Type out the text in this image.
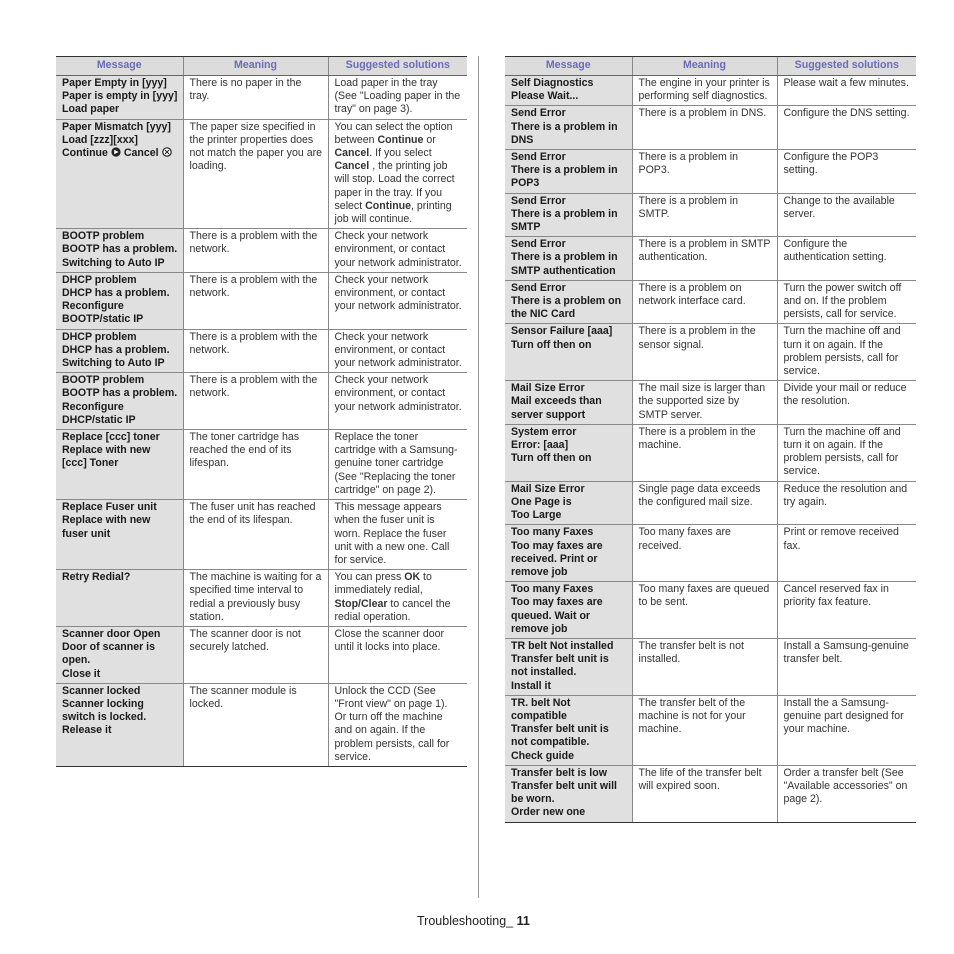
Message	Meaning	Suggested solutions

Paper Empty in [yyy]
Paper is empty in [yyy]
Load paper	There is no paper in the tray.	Load paper in the tray (See "Loading paper in the tray" on page 3).

Paper Mismatch [yyy]
Load [zzz][xxx]
Continue Cancel	The paper size specified in the printer properties does not match the paper you are loading.	You can select the option between Continue or Cancel. If you select Cancel , the printing job will stop. Load the correct paper in the tray. If you select Continue, printing job will continue.

BOOTP problem
BOOTP has a problem. Switching to Auto IP	There is a problem with the network.	Check your network environment, or contact your network administrator.

DHCP problem
DHCP has a problem. Reconfigure BOOTP/static IP	There is a problem with the network.	Check your network environment, or contact your network administrator.

DHCP problem
DHCP has a problem. Switching to Auto IP	There is a problem with the network.	Check your network environment, or contact your network administrator.

BOOTP problem
BOOTP has a problem. Reconfigure DHCP/static IP	There is a problem with the network.	Check your network environment, or contact your network administrator.

Replace [ccc] toner
Replace with new [ccc] Toner	The toner cartridge has reached the end of its lifespan.	Replace the toner cartridge with a Samsung-genuine toner cartridge (See "Replacing the toner cartridge" on page 2).

Replace Fuser unit
Replace with new fuser unit	The fuser unit has reached the end of its lifespan.	This message appears when the fuser unit is worn. Replace the fuser unit with a new one. Call for service.

Retry Redial?	The machine is waiting for a specified time interval to redial a previously busy station.	You can press OK to immediately redial, Stop/Clear to cancel the redial operation.

Scanner door Open
Door of scanner is open.
Close it	The scanner door is not securely latched.	Close the scanner door until it locks into place.

Scanner locked
Scanner locking switch is locked.
Release it	The scanner module is locked.	Unlock the CCD (See "Front view" on page 1). Or turn off the machine and on again. If the problem persists, call for service.
Message	Meaning	Suggested solutions

Self Diagnostics Please Wait...	The engine in your printer is performing self diagnostics.	Please wait a few minutes.

Send Error
There is a problem in DNS	There is a problem in DNS.	Configure the DNS setting.

Send Error
There is a problem in POP3	There is a problem in POP3.	Configure the POP3 setting.

Send Error
There is a problem in SMTP	There is a problem in SMTP.	Change to the available server.

Send Error
There is a problem in SMTP authentication	There is a problem in SMTP authentication.	Configure the authentication setting.

Send Error
There is a problem on the NIC Card	There is a problem on network interface card.	Turn the power switch off and on. If the problem persists, call for service.

Sensor Failure [aaa]
Turn off then on	There is a problem in the sensor signal.	Turn the machine off and turn it on again. If the problem persists, call for service.

Mail Size Error
Mail exceeds than server support	The mail size is larger than the supported size by SMTP server.	Divide your mail or reduce the resolution.

System error
Error: [aaa]
Turn off then on	There is a problem in the machine.	Turn the machine off and turn it on again. If the problem persists, call for service.

Mail Size Error
One Page is
Too Large	Single page data exceeds the configured mail size.	Reduce the resolution and try again.

Too many Faxes
Too may faxes are received. Print or remove job	Too many faxes are received.	Print or remove received fax.

Too many Faxes
Too may faxes are queued. Wait or remove job	Too many faxes are queued to be sent.	Cancel reserved fax in priority fax feature.

TR belt Not installed
Transfer belt unit is not installed.
Install it	The transfer belt is not installed.	Install a Samsung-genuine transfer belt.

TR. belt Not compatible
Transfer belt unit is not compatible.
Check guide	The transfer belt of the machine is not for your machine.	Install the a Samsung-genuine part designed for your machine.

Transfer belt is low
Transfer belt unit will be worn.
Order new one	The life of the transfer belt will expired soon.	Order a transfer belt (See "Available accessories" on page 2).
Troubleshooting_ 11
